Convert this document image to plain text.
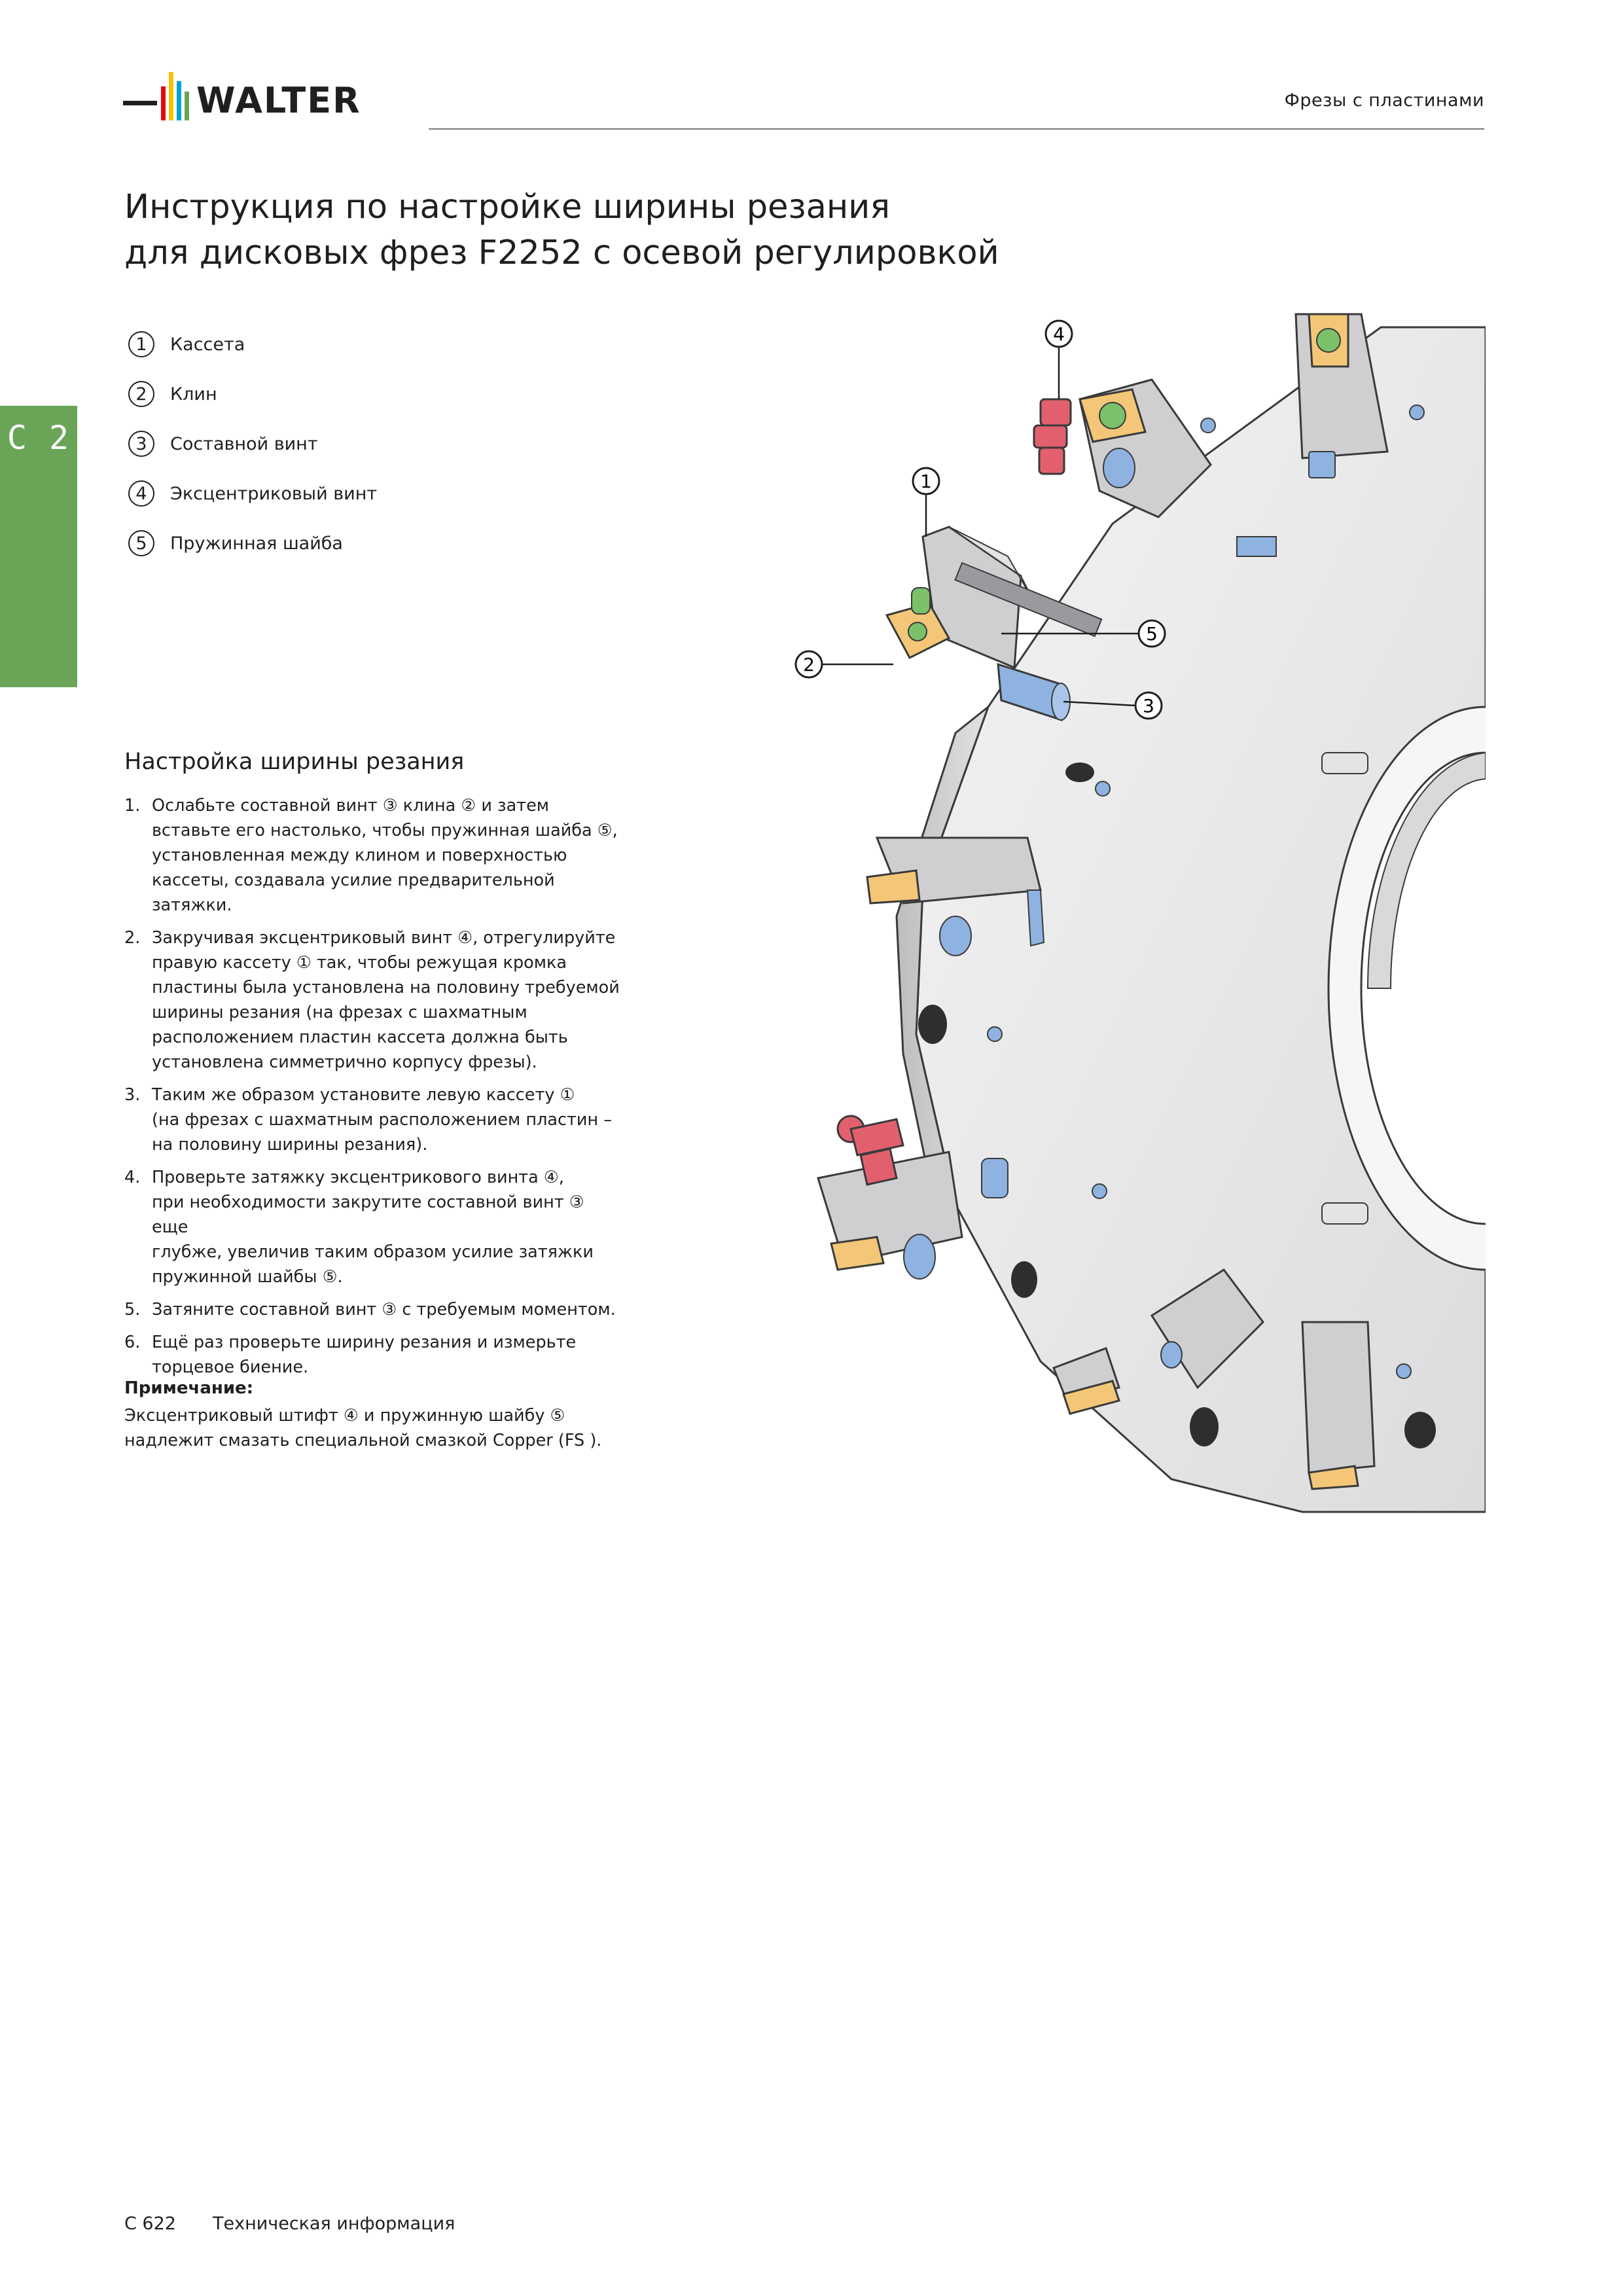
WALTER	Фрезы с пластинами
C 2
Инструкция по настройке ширины резания
для дисковых фрез F2252 с осевой регулировкой
1	Кассета
2	Клин
3	Составной винт
4	Эксцентриковый винт
5	Пружинная шайба
Настройка ширины резания
1. Ослабьте составной винт ③ клина ② и затем
вставьте его настолько, чтобы пружинная шайба ⑤,
установленная между клином и поверхностью
кассеты, создавала усилие предварительной затяжки.
2. Закручивая эксцентриковый винт ④, отрегулируйте
правую кассету ① так, чтобы режущая кромка
пластины была установлена на половину требуемой
ширины резания (на фрезах с шахматным
расположением пластин кассета должна быть
установлена симметрично корпусу фрезы).
3. Таким же образом установите левую кассету ①
(на фрезах с шахматным расположением пластин –
на половину ширины резания).
4. Проверьте затяжку эксцентрикового винта ④,
при необходимости закрутите составной винт ③ еще
глубже, увеличив таким образом усилие затяжки
пружинной шайбы ⑤.
5. Затяните составной винт ③ с требуемым моментом.
6. Ещё раз проверьте ширину резания и измерьте
торцевое биение.
Примечание:
Эксцентриковый штифт ④ и пружинную шайбу ⑤
надлежит смазать специальной смазкой Copper (FS ).
4
1
5
3
2
C 622 Техническая информация
